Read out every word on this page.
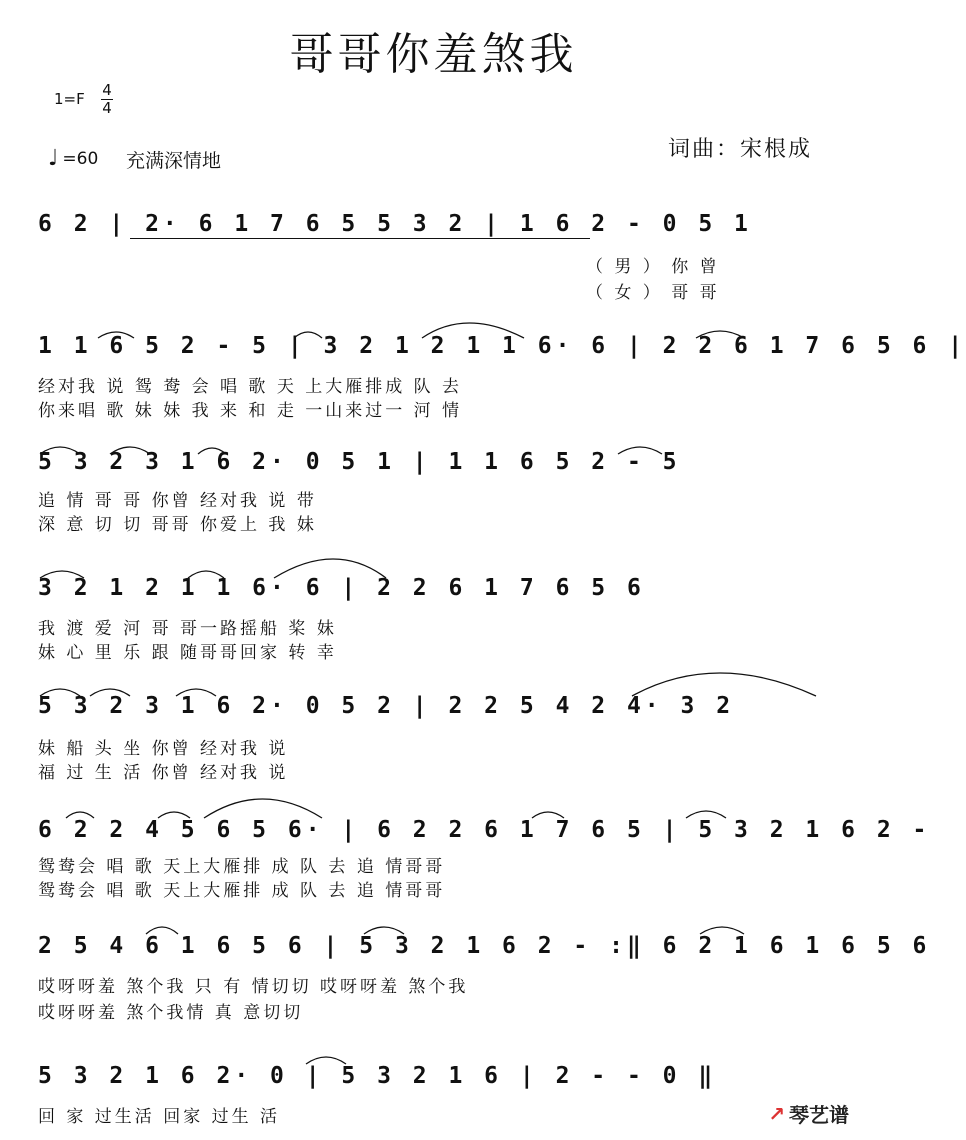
哥哥你羞煞我
1=F 4
4
♩ =60 充满深情地	词曲：宋根成
6 2 | 2· 6 1 7 6 5 5 3 2 | 1 6 2 - 0 5 1
（ 男 ） 你 曾
（ 女 ） 哥 哥
1 1 6 5 2 - 5 | 3 2 1 2 1 1 6· 6 | 2 2 6 1 7 6 5 6 |
经对我 说 鸳 鸯 会 唱 歌 天 上大雁排成 队 去
你来唱 歌 妹 妹 我 来 和 走 一山来过一 河 情
5 3 2 3 1 6 2· 0 5 1 | 1 1 6 5 2 - 5
追 情 哥 哥 你曾 经对我 说 带
深 意 切 切 哥哥 你爱上 我 妹
3 2 1 2 1 1 6· 6 | 2 2 6 1 7 6 5 6
我 渡 爱 河 哥 哥一路摇船 桨 妹
妹 心 里 乐 跟 随哥哥回家 转 幸
5 3 2 3 1 6 2· 0 5 2 | 2 2 5 4 2 4· 3 2
妹 船 头 坐 你曾 经对我 说
福 过 生 活 你曾 经对我 说
6 2 2 4 5 6 5 6· | 6 2 2 6 1 7 6 5 | 5 3 2 1 6 2 -
鸳鸯会 唱 歌 天上大雁排 成 队 去 追 情哥哥
鸳鸯会 唱 歌 天上大雁排 成 队 去 追 情哥哥
2 5 4 6 1 6 5 6 | 5 3 2 1 6 2 - :‖ 6 2 1 6 1 6 5 6
哎呀呀羞 煞个我 只 有 情切切 哎呀呀羞 煞个我
哎呀呀羞 煞个我情 真 意切切
5 3 2 1 6 2· 0 | 5 3 2 1 6 | 2 - - 0 ‖
回 家 过生活 回家 过生 活	↗ 琴艺谱
